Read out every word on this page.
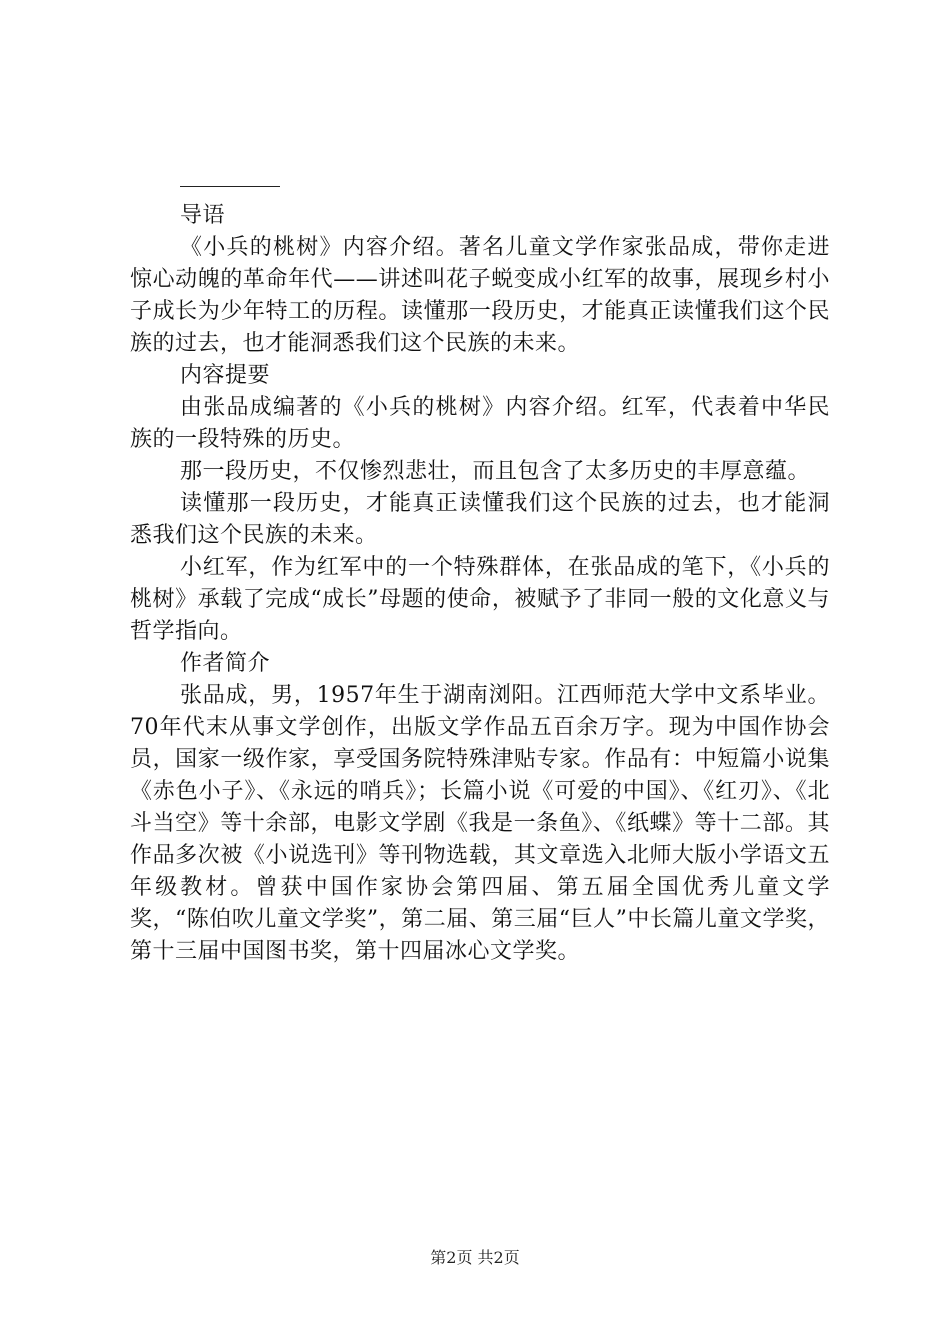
导语

《小兵的桃树》内容介绍。著名儿童文学作家张品成，带你走进惊心动魄的革命年代——讲述叫花子蜕变成小红军的故事，展现乡村小子成长为少年特工的历程。读懂那一段历史，才能真正读懂我们这个民族的过去，也才能洞悉我们这个民族的未来。

内容提要

由张品成编著的《小兵的桃树》内容介绍。红军，代表着中华民族的一段特殊的历史。

那一段历史，不仅惨烈悲壮，而且包含了太多历史的丰厚意蕴。

读懂那一段历史，才能真正读懂我们这个民族的过去，也才能洞悉我们这个民族的未来。

小红军，作为红军中的一个特殊群体，在张品成的笔下，《小兵的桃树》承载了完成“成长”母题的使命，被赋予了非同一般的文化意义与哲学指向。

作者简介

张品成，男，1957年生于湖南浏阳。江西师范大学中文系毕业。70年代末从事文学创作，出版文学作品五百余万字。现为中国作协会员，国家一级作家，享受国务院特殊津贴专家。作品有：中短篇小说集《赤色小子》、《永远的哨兵》；长篇小说《可爱的中国》、《红刃》、《北斗当空》等十余部，电影文学剧《我是一条鱼》、《纸蝶》等十二部。其作品多次被《小说选刊》等刊物选载，其文章选入北师大版小学语文五年级教材。曾获中国作家协会第四届、第五届全国优秀儿童文学奖，“陈伯吹儿童文学奖”，第二届、第三届“巨人”中长篇儿童文学奖，第十三届中国图书奖，第十四届冰心文学奖。

第2页 共2页
